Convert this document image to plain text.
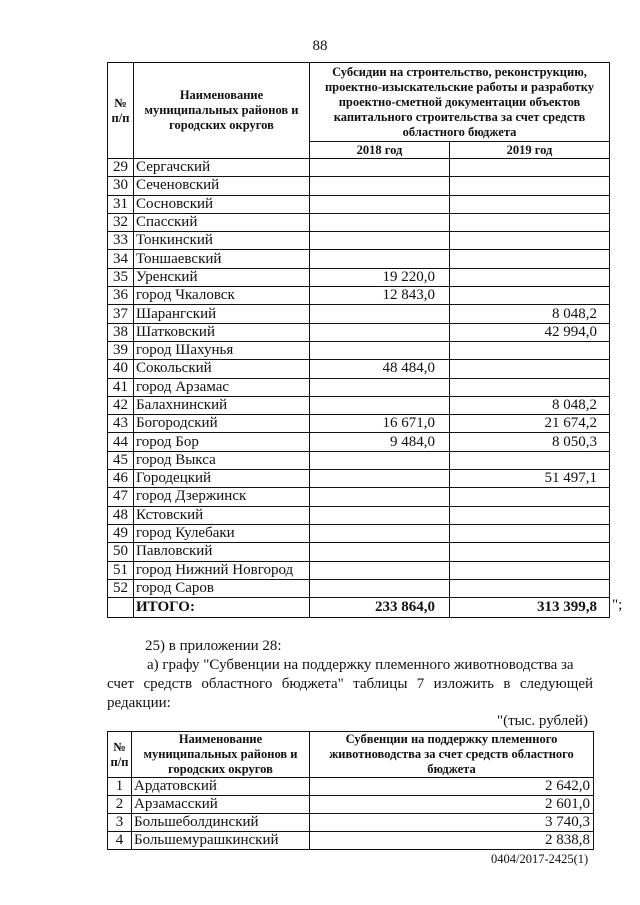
88
№ п/п	Наименование муниципальных районов и городских округов	Субсидии на строительство, реконструкцию, проектно-изыскательские работы и разработку проектно-сметной документации объектов капитального строительства за счет средств областного бюджета	
		2018 год	2019 год
29	Сергачский		
30	Сеченовский		
31	Сосновский		
32	Спасский		
33	Тонкинский		
34	Тоншаевский		
35	Уренский	19 220,0	
36	город Чкаловск	12 843,0	
37	Шарангский		8 048,2
38	Шатковский		42 994,0
39	город Шахунья		
40	Сокольский	48 484,0	
41	город Арзамас		
42	Балахнинский		8 048,2
43	Богородский	16 671,0	21 674,2
44	город Бор	9 484,0	8 050,3
45	город Выкса		
46	Городецкий		51 497,1
47	город Дзержинск		
48	Кстовский		
49	город Кулебаки		
50	Павловский		
51	город Нижний Новгород		
52	город Саров		
	ИТОГО:	233 864,0	313 399,8 ";
25) в приложении 28:
а) графу "Субвенции на поддержку племенного животноводства за
счет средств областного бюджета" таблицы 7 изложить в следующей
редакции:
"(тыс. рублей)
№ п/п	Наименование муниципальных районов и городских округов	Субвенции на поддержку племенного животноводства за счет средств областного бюджета
1	Ардатовский	2 642,0
2	Арзамасский	2 601,0
3	Большеболдинский	3 740,3
4	Большемурашкинский	2 838,8
0404/2017-2425(1)
